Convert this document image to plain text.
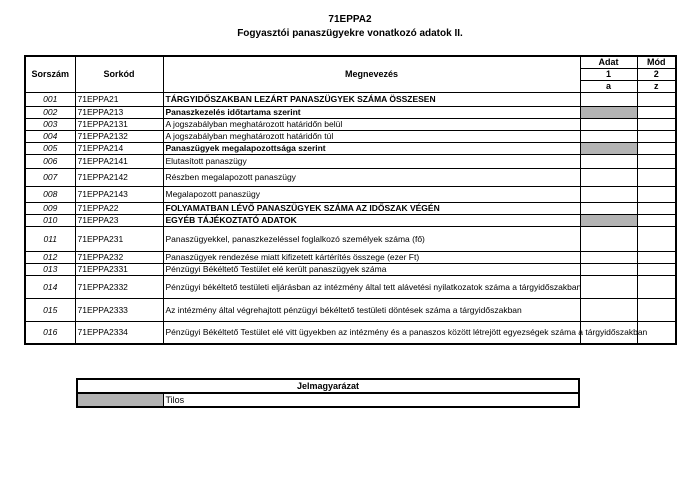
71EPPA2
Fogyasztói panaszügyekre vonatkozó adatok II.
Sorszám	Sorkód	Megnevezés	Adat	Mód
			1	2
			a	z
001	71EPPA21	TÁRGYIDŐSZAKBAN LEZÁRT PANASZÜGYEK SZÁMA ÖSSZESEN		
002	71EPPA213	Panaszkezelés időtartama szerint		
003	71EPPA2131	A jogszabályban meghatározott határidőn belül		
004	71EPPA2132	A jogszabályban meghatározott határidőn túl		
005	71EPPA214	Panaszügyek megalapozottsága szerint		
006	71EPPA2141	Elutasított panaszügy		
007	71EPPA2142	Részben megalapozott panaszügy		
008	71EPPA2143	Megalapozott panaszügy		
009	71EPPA22	FOLYAMATBAN LÉVŐ PANASZÜGYEK SZÁMA AZ IDŐSZAK VÉGÉN		
010	71EPPA23	EGYÉB TÁJÉKOZTATÓ ADATOK		
011	71EPPA231	Panaszügyekkel, panaszkezeléssel foglalkozó személyek száma (fő)		
012	71EPPA232	Panaszügyek rendezése miatt kifizetett kártérítés összege (ezer Ft)		
013	71EPPA2331	Pénzügyi Békéltető Testület elé került panaszügyek száma		
014	71EPPA2332	Pénzügyi békéltető testületi eljárásban az intézmény által tett alávetési nyilatkozatok száma a tárgyidőszakban		
015	71EPPA2333	Az intézmény által végrehajtott pénzügyi békéltető testületi döntések száma a tárgyidőszakban		
016	71EPPA2334	Pénzügyi Békéltető Testület elé vitt ügyekben az intézmény és a panaszos között létrejött egyezségek száma a tárgyidőszakban		
Jelmagyarázat
	Tilos
